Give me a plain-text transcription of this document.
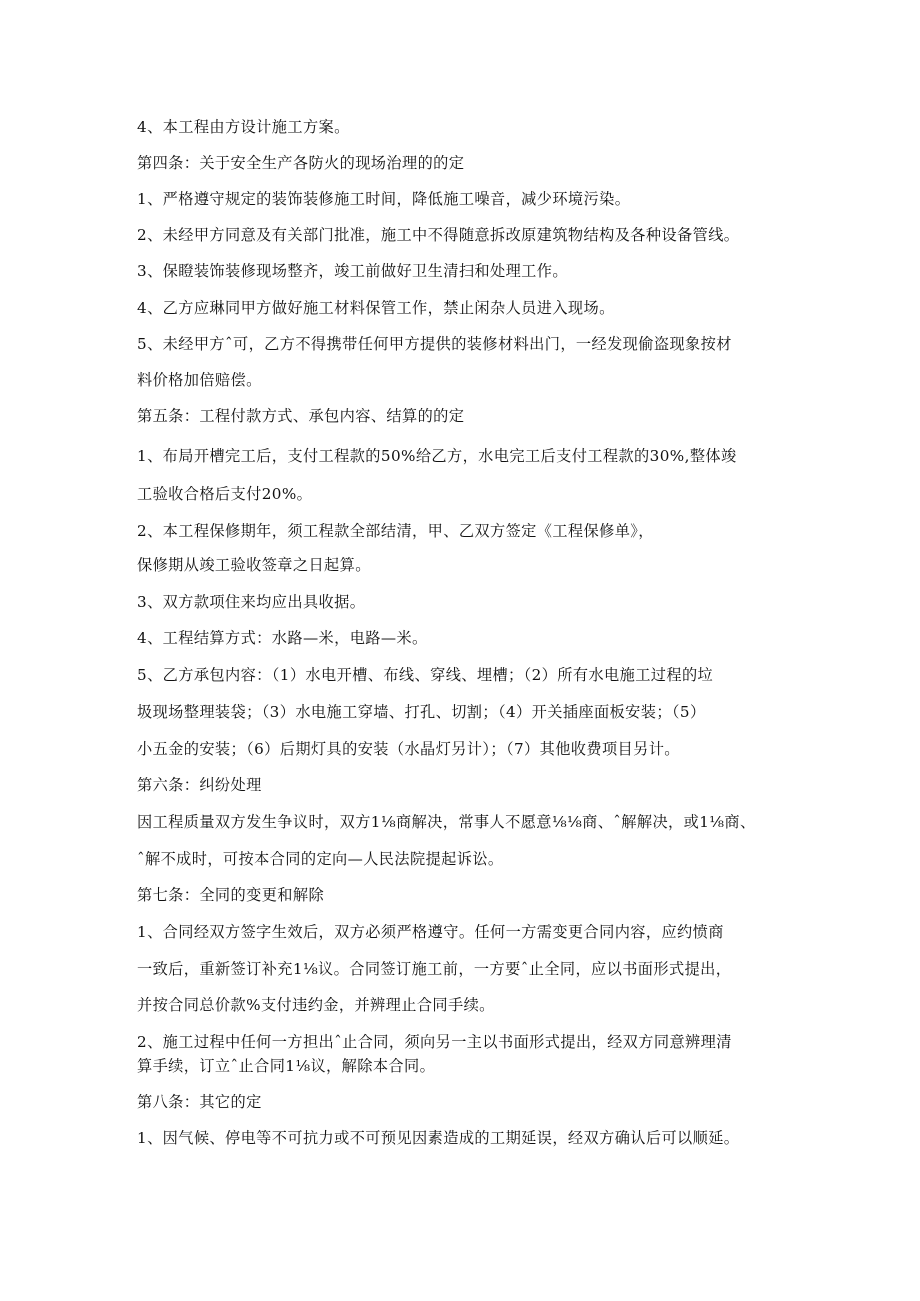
4、本工程由方设计施工方案。
第四条：关于安全生产各防火的现场治理的的定
1、严格遵守规定的装饰装修施工时间，降低施工噪音，减少环境污染。
2、未经甲方同意及有关部门批准，施工中不得随意拆改原建筑物结构及各种设备管线。
3、保瞪装饰装修现场整齐，竣工前做好卫生清扫和处理工作。
4、乙方应琳同甲方做好施工材料保管工作，禁止闲杂人员进入现场。
5、未经甲方ˆ可，乙方不得携带任何甲方提供的装修材料出门，一经发现偷盗现象按材
料价格加倍赔偿。
第五条：工程付款方式、承包内容、结算的的定
1、布局开槽完工后，支付工程款的50%给乙方，水电完工后支付工程款的30%,整体竣
工验收合格后支付20%。
2、本工程保修期年，须工程款全部结清，甲、乙双方签定《工程保修单》，
保修期从竣工验收签章之日起算。
3、双方款项住来均应出具收据。
4、工程结算方式：水路—米，电路—米。
5、乙方承包内容：（1）水电开槽、布线、穿线、埋槽；（2）所有水电施工过程的垃
圾现场整理装袋；（3）水电施工穿墙、打孔、切割；（4）开关插座面板安装；（5）
小五金的安装；（6）后期灯具的安装（水晶灯另计）；（7）其他收费项目另计。
第六条：纠纷处理
因工程质量双方发生争议时，双方1⅛商解决，常事人不愿意⅛⅛商、ˆ解解决，或1⅛商、
ˆ解不成时，可按本合同的定向—人民法院提起诉讼。
第七条：全同的变更和解除
1、合同经双方签字生效后，双方必须严格遵守。任何一方需变更合同内容，应约愤商
一致后，重新签订补充1⅛议。合同签订施工前，一方要ˆ止全同，应以书面形式提出，
并按合同总价款%支付违约金，并辨理止合同手续。
2、施工过程中任何一方担出ˆ止合同，须向另一主以书面形式提出，经双方同意辨理清
算手续，订立ˆ止合同1⅛议，解除本合同。
第八条：其它的定
1、因气候、停电等不可抗力或不可预见因素造成的工期延误，经双方确认后可以顺延。
